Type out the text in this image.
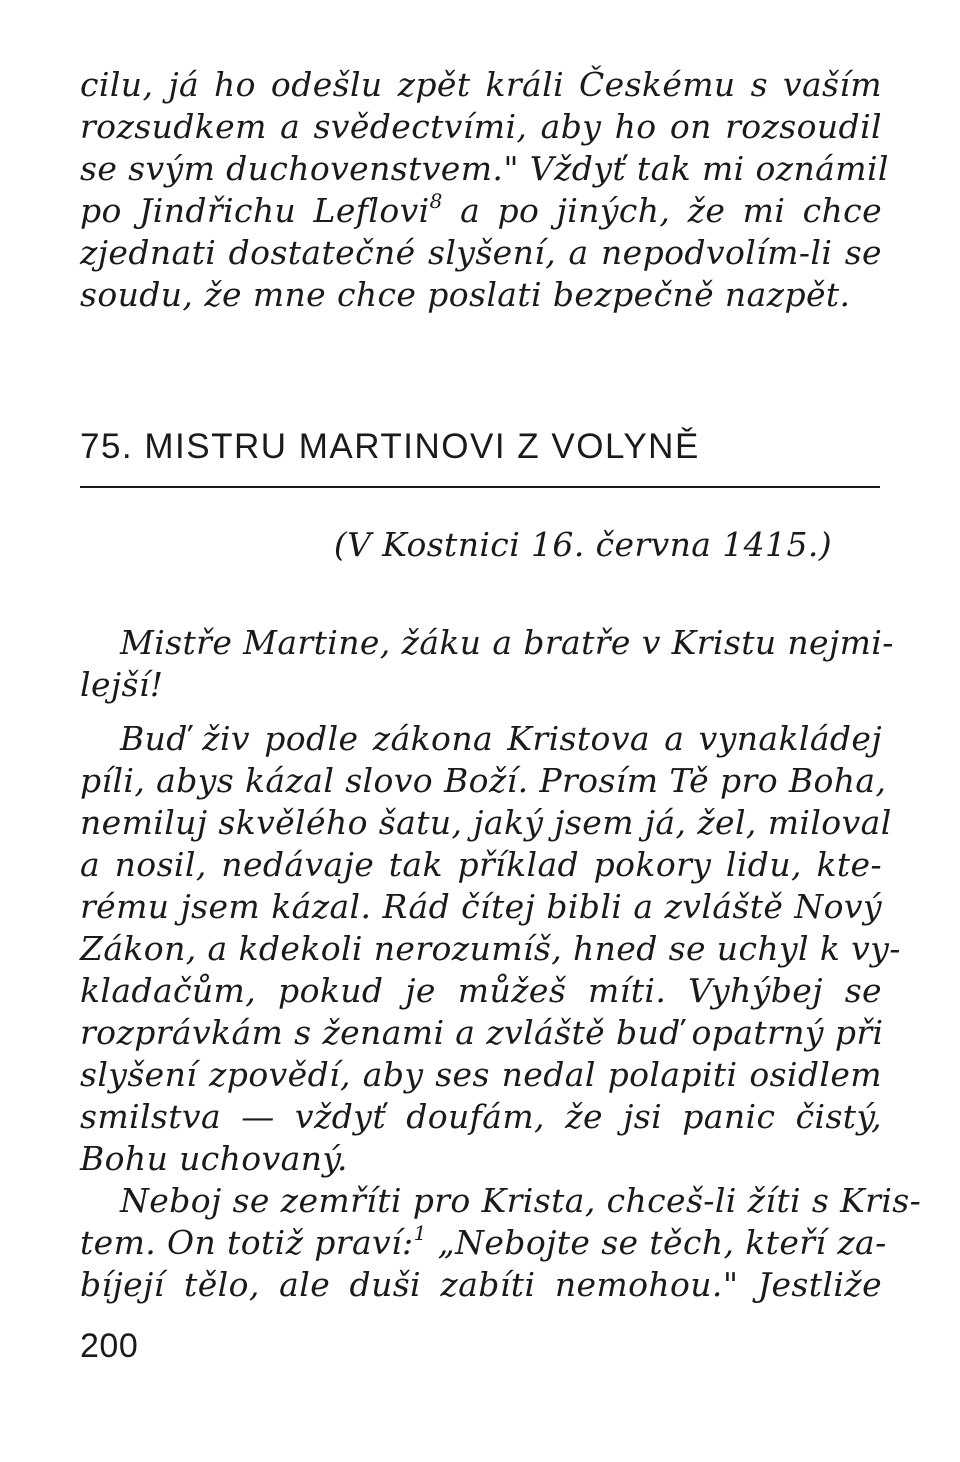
cilu, já ho odešlu zpět králi Českému s vaším
rozsudkem a svědectvími, aby ho on rozsoudil
se svým duchovenstvem." Vždyť tak mi oznámil
po Jindřichu Leflovi$^8$ a po jiných, že mi chce
zjednati dostatečné slyšení, a nepodvolím-li se
soudu, že mne chce poslati bezpečně nazpět.
75. MISTRU MARTINOVI Z VOLYNĚ
(V Kostnici 16. června 1415.)
Mistře Martine, žáku a bratře v Kristu nejmi-
lejší!
Buď živ podle zákona Kristova a vynakládej
píli, abys kázal slovo Boží. Prosím Tě pro Boha,
nemiluj skvělého šatu, jaký jsem já, žel, miloval
a nosil, nedávaje tak příklad pokory lidu, kte-
rému jsem kázal. Rád čítej bibli a zvláště Nový
Zákon, a kdekoli nerozumíš, hned se uchyl k vy-
kladačům, pokud je můžeš míti. Vyhýbej se
rozprávkám s ženami a zvláště buď opatrný při
slyšení zpovědí, aby ses nedal polapiti osidlem
smilstva — vždyť doufám, že jsi panic čistý,
Bohu uchovaný.
Neboj se zemříti pro Krista, chceš-li žíti s Kris-
tem. On totiž praví:$^1$ „Nebojte se těch, kteří za-
bíjejí tělo, ale duši zabíti nemohou." Jestliže
200
